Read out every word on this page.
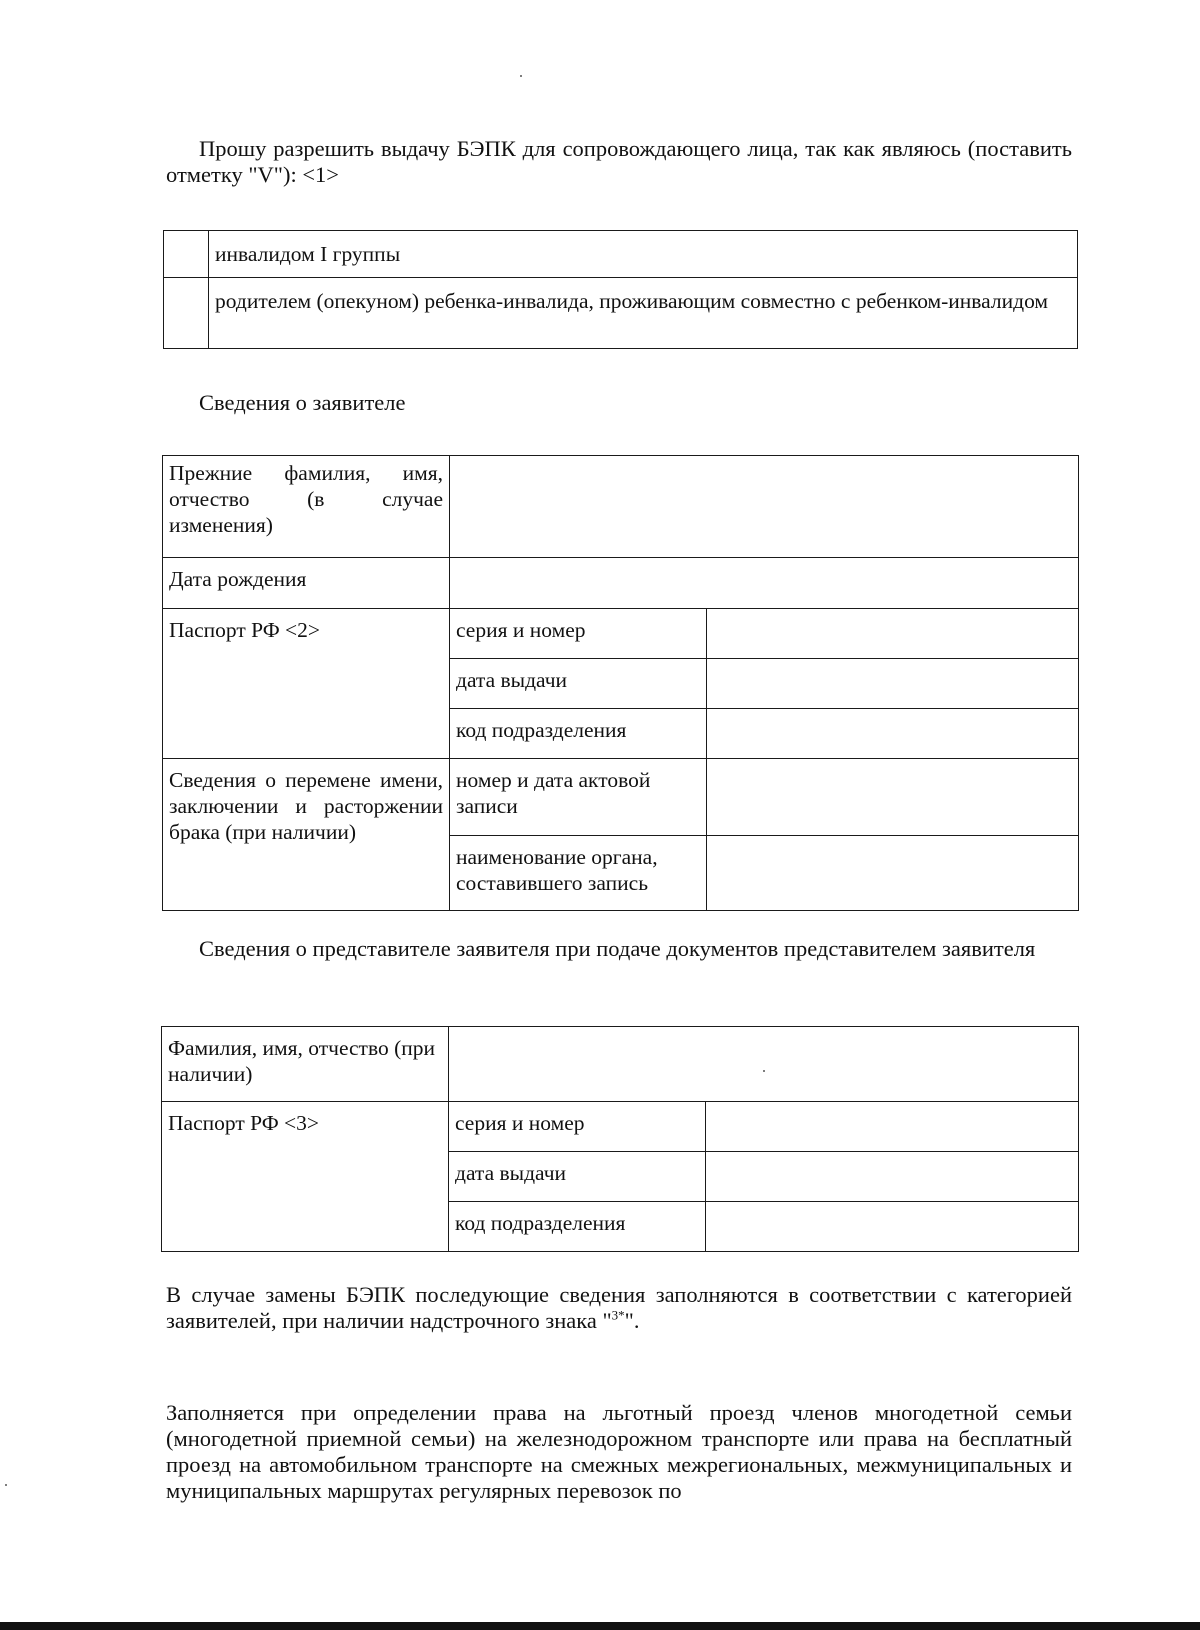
Прошу разрешить выдачу БЭПК для сопровождающего лица, так как являюсь (поставить отметку "V"): <1>

	инвалидом I группы
	родителем (опекуном) ребенка-инвалида, проживающим совместно с ребенком-инвалидом

Сведения о заявителе

Прежние фамилия, имя, отчество (в случае изменения)		
Дата рождения		
Паспорт РФ <2>	серия и номер	
	дата выдачи	
	код подразделения	
Сведения о перемене имени, заключении и расторжении брака (при наличии)	номер и дата актовой записи	
	наименование органа, составившего запись	

Сведения о представителе заявителя при подаче документов представителем заявителя

Фамилия, имя, отчество (при наличии)		
Паспорт РФ <3>	серия и номер	
	дата выдачи	
	код подразделения	

В случае замены БЭПК последующие сведения заполняются в соответствии с категорией заявителей, при наличии надстрочного знака "$^{3*}$".

Заполняется при определении права на льготный проезд членов многодетной семьи (многодетной приемной семьи) на железнодорожном транспорте или права на бесплатный проезд на автомобильном транспорте на смежных межрегиональных, межмуниципальных и муниципальных маршрутах регулярных перевозок по
